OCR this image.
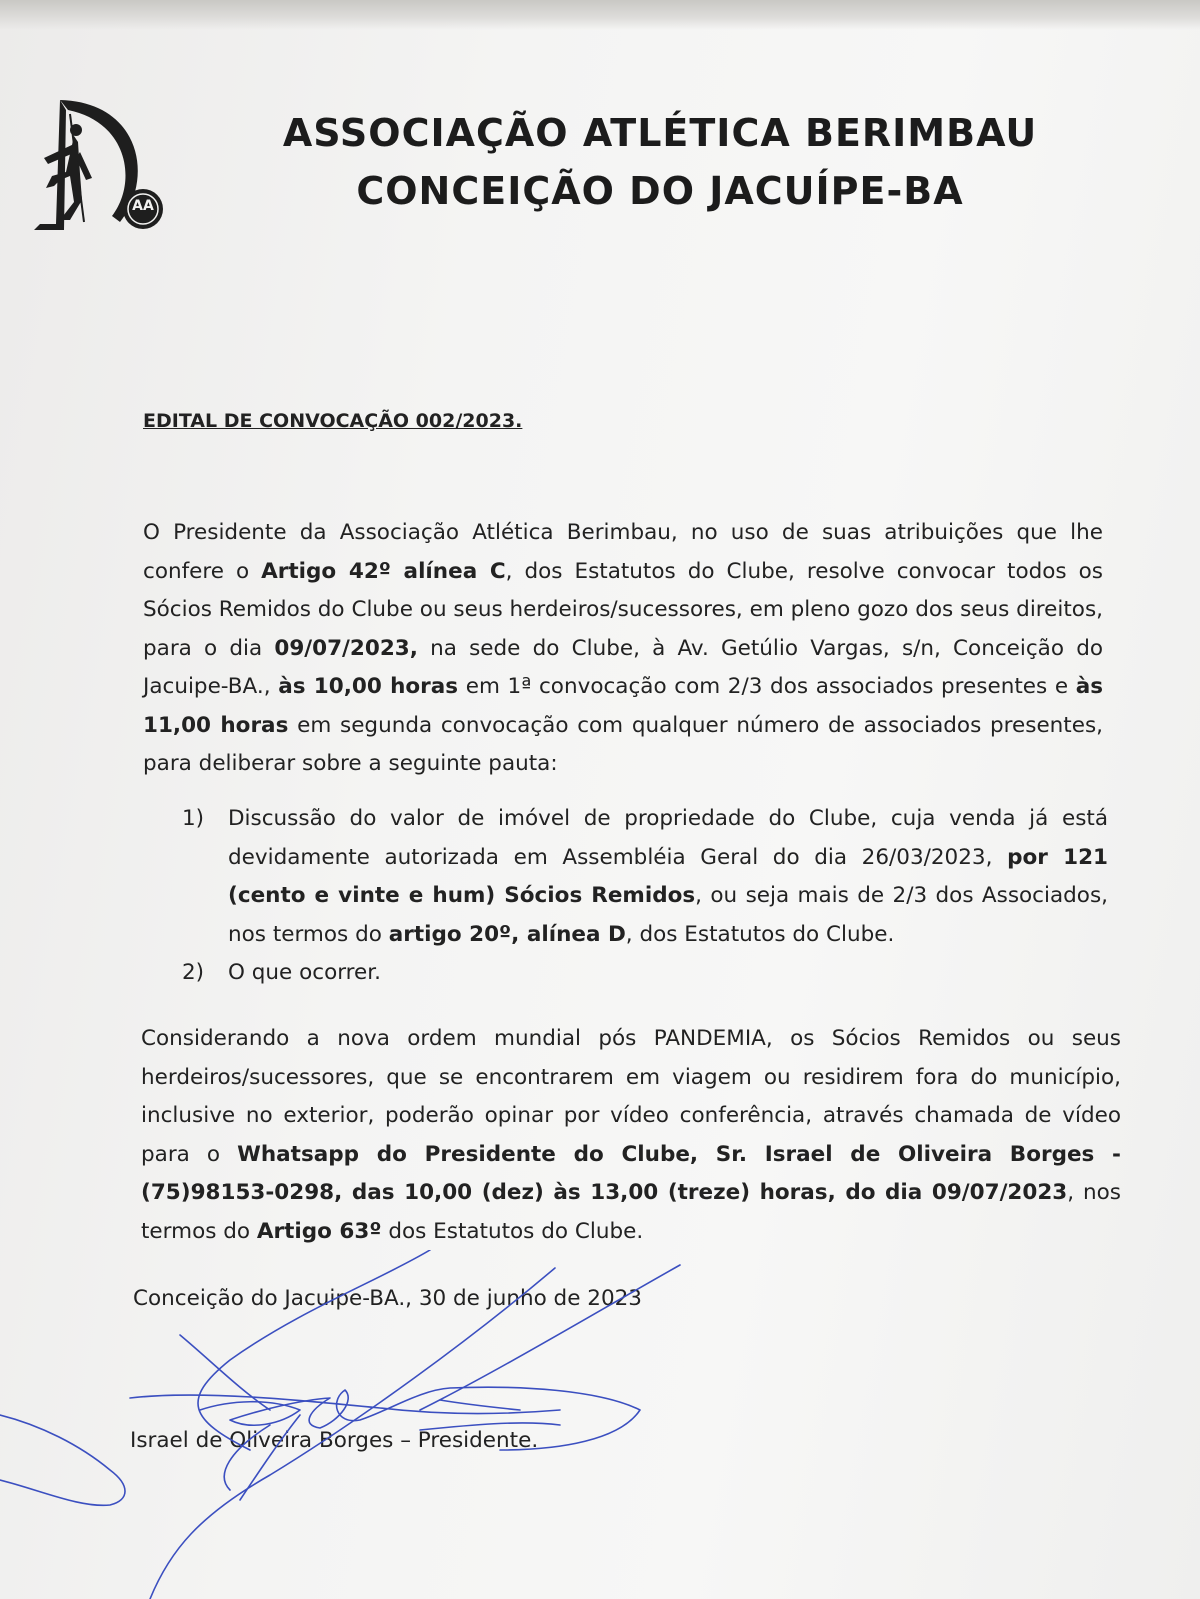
AA
ASSOCIAÇÃO ATLÉTICA BERIMBAU
CONCEIÇÃO DO JACUÍPE-BA
EDITAL DE CONVOCAÇÃO 002/2023.
O Presidente da Associação Atlética Berimbau, no uso de suas atribuições que lhe confere o Artigo 42º alínea C, dos Estatutos do Clube, resolve convocar todos os Sócios Remidos do Clube ou seus herdeiros/sucessores, em pleno gozo dos seus direitos, para o dia 09/07/2023, na sede do Clube, à Av. Getúlio Vargas, s/n, Conceição do Jacuipe-BA., às 10,00 horas em 1ª convocação com 2/3 dos associados presentes e às 11,00 horas em segunda convocação com qualquer número de associados presentes, para deliberar sobre a seguinte pauta:
1) Discussão do valor de imóvel de propriedade do Clube, cuja venda já está devidamente autorizada em Assembléia Geral do dia 26/03/2023, por 121 (cento e vinte e hum) Sócios Remidos, ou seja mais de 2/3 dos Associados, nos termos do artigo 20º, alínea D, dos Estatutos do Clube.
2) O que ocorrer.
Considerando a nova ordem mundial pós PANDEMIA, os Sócios Remidos ou seus herdeiros/sucessores, que se encontrarem em viagem ou residirem fora do município, inclusive no exterior, poderão opinar por vídeo conferência, através chamada de vídeo para o Whatsapp do Presidente do Clube, Sr. Israel de Oliveira Borges - (75)98153-0298, das 10,00 (dez) às 13,00 (treze) horas, do dia 09/07/2023, nos termos do Artigo 63º dos Estatutos do Clube.
Conceição do Jacuipe-BA., 30 de junho de 2023
Israel de Oliveira Borges – Presidente.
